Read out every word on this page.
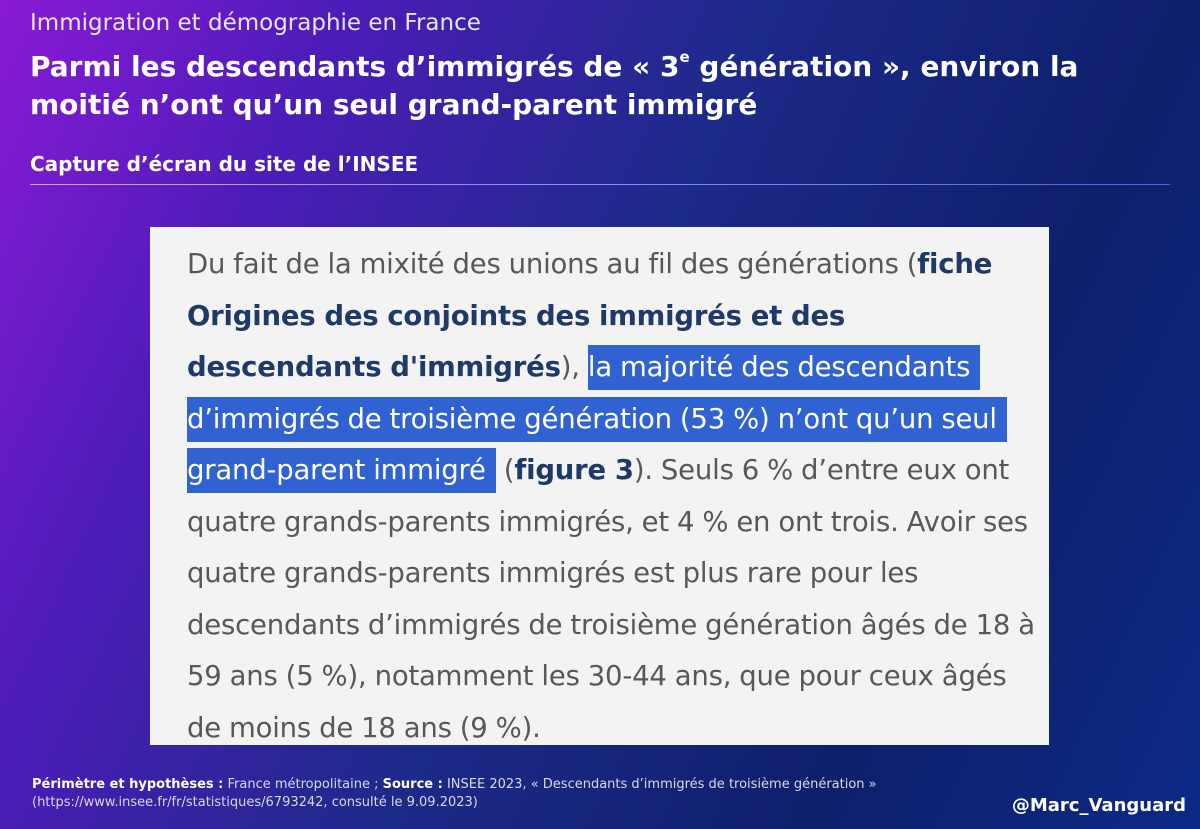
Immigration et démographie en France
Parmi les descendants d’immigrés de « 3e génération », environ la moitié n’ont qu’un seul grand-parent immigré
Capture d’écran du site de l’INSEE

Du fait de la mixité des unions au fil des générations (fiche Origines des conjoints des immigrés et des descendants d'immigrés), la majorité des descendants d’immigrés de troisième génération (53 %) n’ont qu’un seul grand-parent immigré (figure 3). Seuls 6 % d’entre eux ont quatre grands-parents immigrés, et 4 % en ont trois. Avoir ses quatre grands-parents immigrés est plus rare pour les descendants d’immigrés de troisième génération âgés de 18 à 59 ans (5 %), notamment les 30-44 ans, que pour ceux âgés de moins de 18 ans (9 %).

Périmètre et hypothèses : France métropolitaine ; Source : INSEE 2023, « Descendants d’immigrés de troisième génération »
(https://www.insee.fr/fr/statistiques/6793242, consulté le 9.09.2023)	@Marc_Vanguard
